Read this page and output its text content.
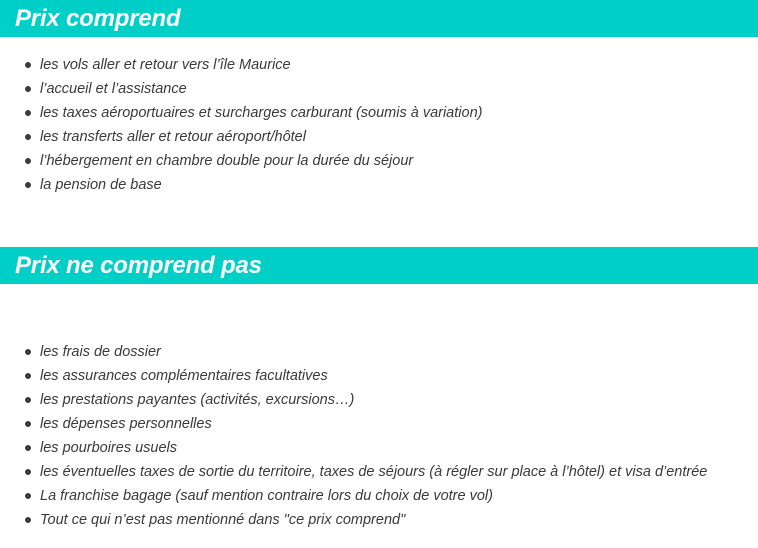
Prix comprend
les vols aller et retour vers l’île Maurice
l’accueil et l’assistance
les taxes aéroportuaires et surcharges carburant (soumis à variation)
les transferts aller et retour aéroport/hôtel
l’hébergement en chambre double pour la durée du séjour
la pension de base
Prix ne comprend pas
les frais de dossier
les assurances complémentaires facultatives
les prestations payantes (activités, excursions…)
les dépenses personnelles
les pourboires usuels
les éventuelles taxes de sortie du territoire, taxes de séjours (à régler sur place à l’hôtel) et visa d’entrée
La franchise bagage (sauf mention contraire lors du choix de votre vol)
Tout ce qui n’est pas mentionné dans "ce prix comprend"
